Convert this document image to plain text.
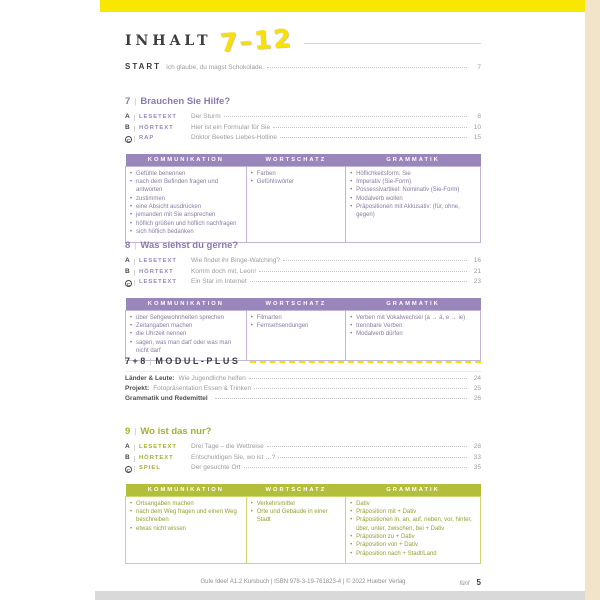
INHALT 7–12
START Ich glaube, du magst Schokolade.	7
7 | Brauchen Sie Hilfe?
A	LESETEXT	Der Sturm	8
B	HÖRTEXT	Hier ist ein Formular für Sie	10
C	RAP	Doktor Beetles Liebes-Hotline	15
KOMMUNIKATION	WORTSCHATZ	GRAMMATIK

• Gefühle benennen
• nach dem Befinden fragen und antworten
• zustimmen
• eine Absicht ausdrücken
• jemanden mit Sie ansprechen
• höflich grüßen und höflich nachfragen
• sich höflich bedanken

• Farben
• Gefühlswörter

• Höflichkeitsform: Sie
• Imperativ (Sie-Form)
• Possessivartikel: Nominativ (Sie-Form)
• Modalverb wollen
• Präpositionen mit Akkusativ: (für, ohne, gegen)
8 | Was siehst du gerne?
A	LESETEXT	Wie findet ihr Binge-Watching?	16
B	HÖRTEXT	Komm doch mit, Leon!	21
C	LESETEXT	Ein Star im Internet	23
KOMMUNIKATION	WORTSCHATZ	GRAMMATIK

• über Sehgewohnheiten sprechen
• Zeitangaben machen
• die Uhrzeit nennen
• sagen, was man darf oder was man nicht darf

• Filmarten
• Fernsehsendungen

• Verben mit Vokalwechsel (a → ä, e → ie)
• trennbare Verben
• Modalverb dürfen
7 + 8 | MODUL-PLUS
Länder & Leute: Wie Jugendliche helfen	24
Projekt: Fotopräsentation Essen & Trinken	25
Grammatik und Redemittel	26
9 | Wo ist das nur?
A	LESETEXT	Drei Tage – die Wettreise	28
B	HÖRTEXT	Entschuldigen Sie, wo ist …?	33
C	SPIEL	Der gesuchte Ort	35
KOMMUNIKATION	WORTSCHATZ	GRAMMATIK

• Ortsangaben machen
• nach dem Weg fragen und einen Weg beschreiben
• etwas nicht wissen

• Verkehrsmittel
• Orte und Gebäude in einer Stadt

• Dativ
• Präposition mit + Dativ
• Präpositionen in, an, auf, neben, vor, hinter, über, unter, zwischen, bei + Dativ
• Präposition zu + Dativ
• Präposition von + Dativ
• Präposition nach + Stadt/Land
Gute Idee! A1.2 Kursbuch | ISBN 978-3-19-761823-4 | © 2022 Hueber Verlag	fünf 5
